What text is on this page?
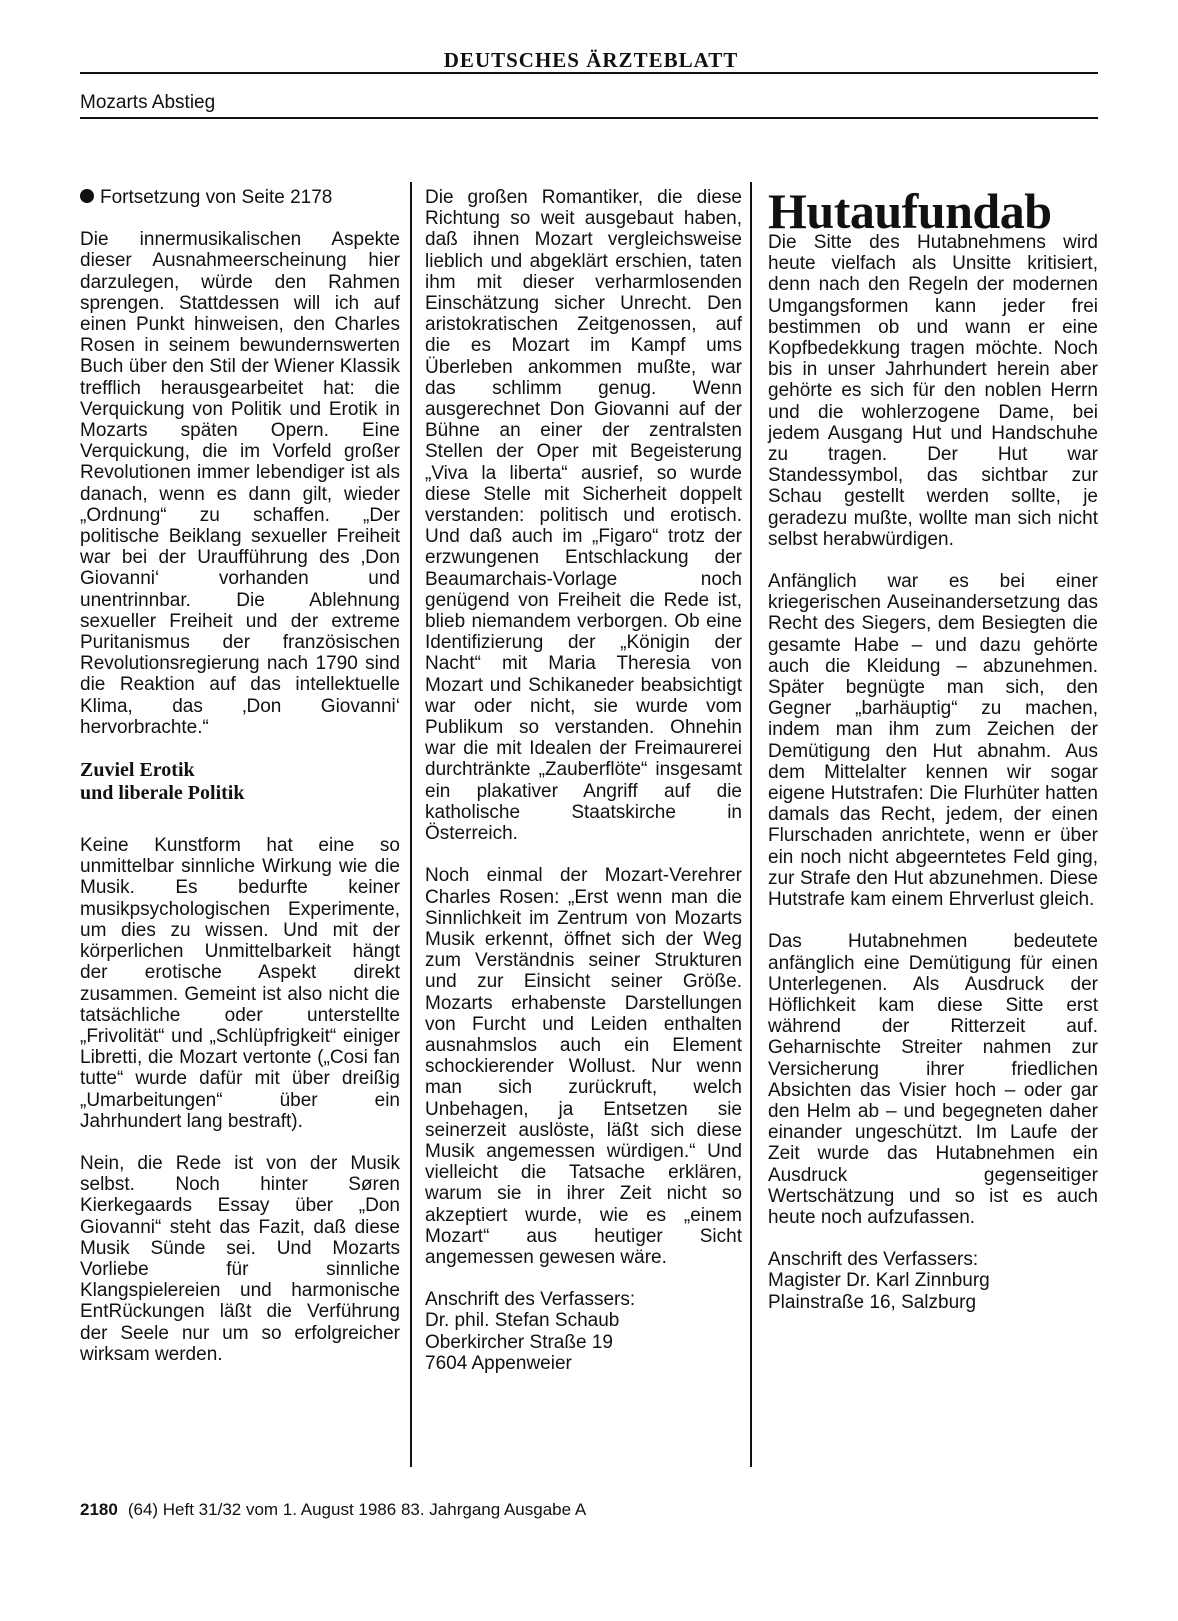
DEUTSCHES ÄRZTEBLATT
Mozarts Abstieg

Fortsetzung von Seite 2178

Die innermusikalischen Aspekte dieser Ausnahmeerscheinung hier darzulegen, würde den Rahmen sprengen. Stattdessen will ich auf einen Punkt hinweisen, den Charles Rosen in seinem bewundernswerten Buch über den Stil der Wiener Klassik trefflich herausgearbeitet hat: die Verquickung von Politik und Erotik in Mozarts späten Opern. Eine Verquickung, die im Vorfeld großer Revolutionen immer lebendiger ist als danach, wenn es dann gilt, wieder „Ordnung“ zu schaffen. „Der politische Beiklang sexueller Freiheit war bei der Uraufführung des ‚Don Giovanni‘ vorhanden und unentrinnbar. Die Ablehnung sexueller Freiheit und der extreme Puritanismus der französischen Revolutionsregierung nach 1790 sind die Reaktion auf das intellektuelle Klima, das ‚Don Giovanni‘ hervorbrachte.“

Zuviel Erotik
und liberale Politik

Keine Kunstform hat eine so unmittelbar sinnliche Wirkung wie die Musik. Es bedurfte keiner musikpsychologischen Experimente, um dies zu wissen. Und mit der körperlichen Unmittelbarkeit hängt der erotische Aspekt direkt zusammen. Gemeint ist also nicht die tatsächliche oder unterstellte „Frivolität“ und „Schlüpfrigkeit“ einiger Libretti, die Mozart vertonte („Cosi fan tutte“ wurde dafür mit über dreißig „Umarbeitungen“ über ein Jahrhundert lang bestraft).

Nein, die Rede ist von der Musik selbst. Noch hinter Søren Kierkegaards Essay über „Don Giovanni“ steht das Fazit, daß diese Musik Sünde sei. Und Mozarts Vorliebe für sinnliche Klangspielereien und harmonische EntRückungen läßt die Verführung der Seele nur um so erfolgreicher wirksam werden.

Die großen Romantiker, die diese Richtung so weit ausgebaut haben, daß ihnen Mozart vergleichsweise lieblich und abgeklärt erschien, taten ihm mit dieser verharmlosenden Einschätzung sicher Unrecht. Den aristokratischen Zeitgenossen, auf die es Mozart im Kampf ums Überleben ankommen mußte, war das schlimm genug. Wenn ausgerechnet Don Giovanni auf der Bühne an einer der zentralsten Stellen der Oper mit Begeisterung „Viva la liberta“ ausrief, so wurde diese Stelle mit Sicherheit doppelt verstanden: politisch und erotisch. Und daß auch im „Figaro“ trotz der erzwungenen Entschlackung der Beaumarchais-Vorlage noch genügend von Freiheit die Rede ist, blieb niemandem verborgen. Ob eine Identifizierung der „Königin der Nacht“ mit Maria Theresia von Mozart und Schikaneder beabsichtigt war oder nicht, sie wurde vom Publikum so verstanden. Ohnehin war die mit Idealen der Freimaurerei durchtränkte „Zauberflöte“ insgesamt ein plakativer Angriff auf die katholische Staatskirche in Österreich.

Noch einmal der Mozart-Verehrer Charles Rosen: „Erst wenn man die Sinnlichkeit im Zentrum von Mozarts Musik erkennt, öffnet sich der Weg zum Verständnis seiner Strukturen und zur Einsicht seiner Größe. Mozarts erhabenste Darstellungen von Furcht und Leiden enthalten ausnahmslos auch ein Element schockierender Wollust. Nur wenn man sich zurückruft, welch Unbehagen, ja Entsetzen sie seinerzeit auslöste, läßt sich diese Musik angemessen würdigen.“ Und vielleicht die Tatsache erklären, warum sie in ihrer Zeit nicht so akzeptiert wurde, wie es „einem Mozart“ aus heutiger Sicht angemessen gewesen wäre.

Anschrift des Verfassers:
Dr. phil. Stefan Schaub
Oberkircher Straße 19
7604 Appenweier
Hutaufundab

Die Sitte des Hutabnehmens wird heute vielfach als Unsitte kritisiert, denn nach den Regeln der modernen Umgangsformen kann jeder frei bestimmen ob und wann er eine Kopfbedekkung tragen möchte. Noch bis in unser Jahrhundert herein aber gehörte es sich für den noblen Herrn und die wohlerzogene Dame, bei jedem Ausgang Hut und Handschuhe zu tragen. Der Hut war Standessymbol, das sichtbar zur Schau gestellt werden sollte, je geradezu mußte, wollte man sich nicht selbst herabwürdigen.

Anfänglich war es bei einer kriegerischen Auseinandersetzung das Recht des Siegers, dem Besiegten die gesamte Habe – und dazu gehörte auch die Kleidung – abzunehmen. Später begnügte man sich, den Gegner „barhäuptig“ zu machen, indem man ihm zum Zeichen der Demütigung den Hut abnahm. Aus dem Mittelalter kennen wir sogar eigene Hutstrafen: Die Flurhüter hatten damals das Recht, jedem, der einen Flurschaden anrichtete, wenn er über ein noch nicht abgeerntetes Feld ging, zur Strafe den Hut abzunehmen. Diese Hutstrafe kam einem Ehrverlust gleich.

Das Hutabnehmen bedeutete anfänglich eine Demütigung für einen Unterlegenen. Als Ausdruck der Höflichkeit kam diese Sitte erst während der Ritterzeit auf. Geharnischte Streiter nahmen zur Versicherung ihrer friedlichen Absichten das Visier hoch – oder gar den Helm ab – und begegneten daher einander ungeschützt. Im Laufe der Zeit wurde das Hutabnehmen ein Ausdruck gegenseitiger Wertschätzung und so ist es auch heute noch aufzufassen.

Anschrift des Verfassers:
Magister Dr. Karl Zinnburg
Plainstraße 16, Salzburg
2180 (64) Heft 31/32 vom 1. August 1986 83. Jahrgang Ausgabe A
